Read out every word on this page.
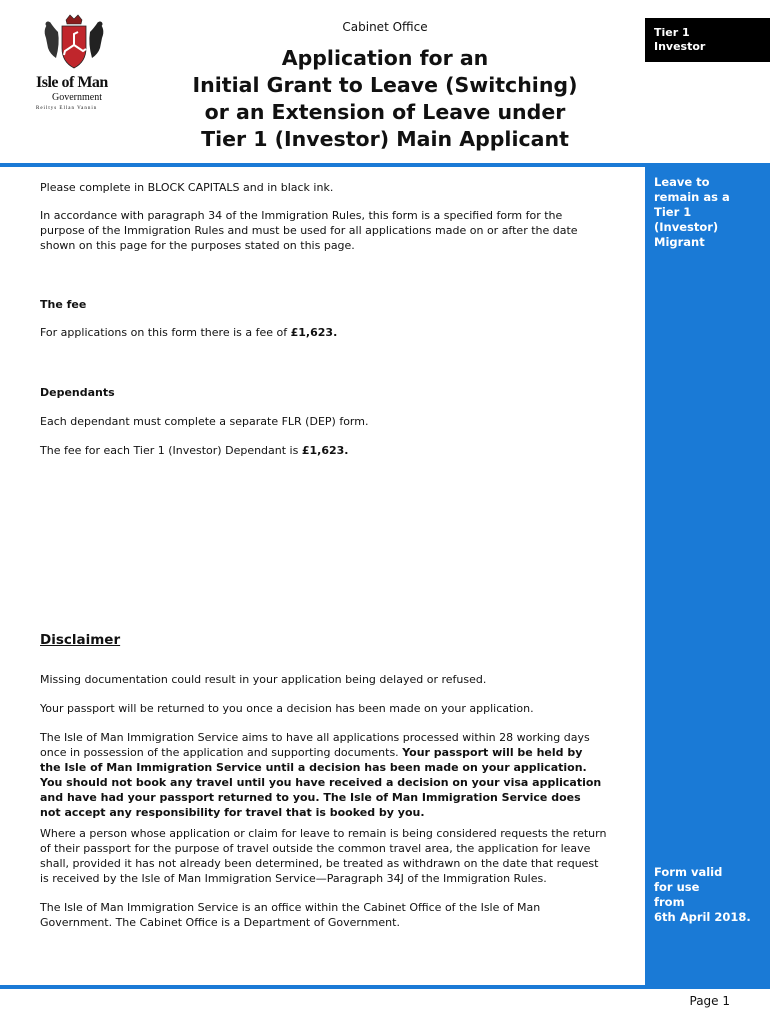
Isle of Man
Government
Reiltys Ellan Vannin
Cabinet Office
Application for an
Initial Grant to Leave (Switching)
or an Extension of Leave under
Tier 1 (Investor) Main Applicant
Tier 1
Investor
Leave to
remain as a
Tier 1
(Investor)
Migrant
Form valid
for use
from
6th April 2018.

Please complete in BLOCK CAPITALS and in black ink.

In accordance with paragraph 34 of the Immigration Rules, this form is a specified form for the

purpose of the Immigration Rules and must be used for all applications made on or after the date

shown on this page for the purposes stated on this page.

The fee

For applications on this form there is a fee of £1,623.

Dependants

Each dependant must complete a separate FLR (DEP) form.

The fee for each Tier 1 (Investor) Dependant is £1,623.

Disclaimer

Missing documentation could result in your application being delayed or refused.

Your passport will be returned to you once a decision has been made on your application.

The Isle of Man Immigration Service aims to have all applications processed within 28 working days

once in possession of the application and supporting documents. Your passport will be held by

the Isle of Man Immigration Service until a decision has been made on your application.

You should not book any travel until you have received a decision on your visa application

and have had your passport returned to you. The Isle of Man Immigration Service does

not accept any responsibility for travel that is booked by you.

Where a person whose application or claim for leave to remain is being considered requests the return

of their passport for the purpose of travel outside the common travel area, the application for leave

shall, provided it has not already been determined, be treated as withdrawn on the date that request

is received by the Isle of Man Immigration Service—Paragraph 34J of the Immigration Rules.

The Isle of Man Immigration Service is an office within the Cabinet Office of the Isle of Man

Government. The Cabinet Office is a Department of Government.

Page 1
